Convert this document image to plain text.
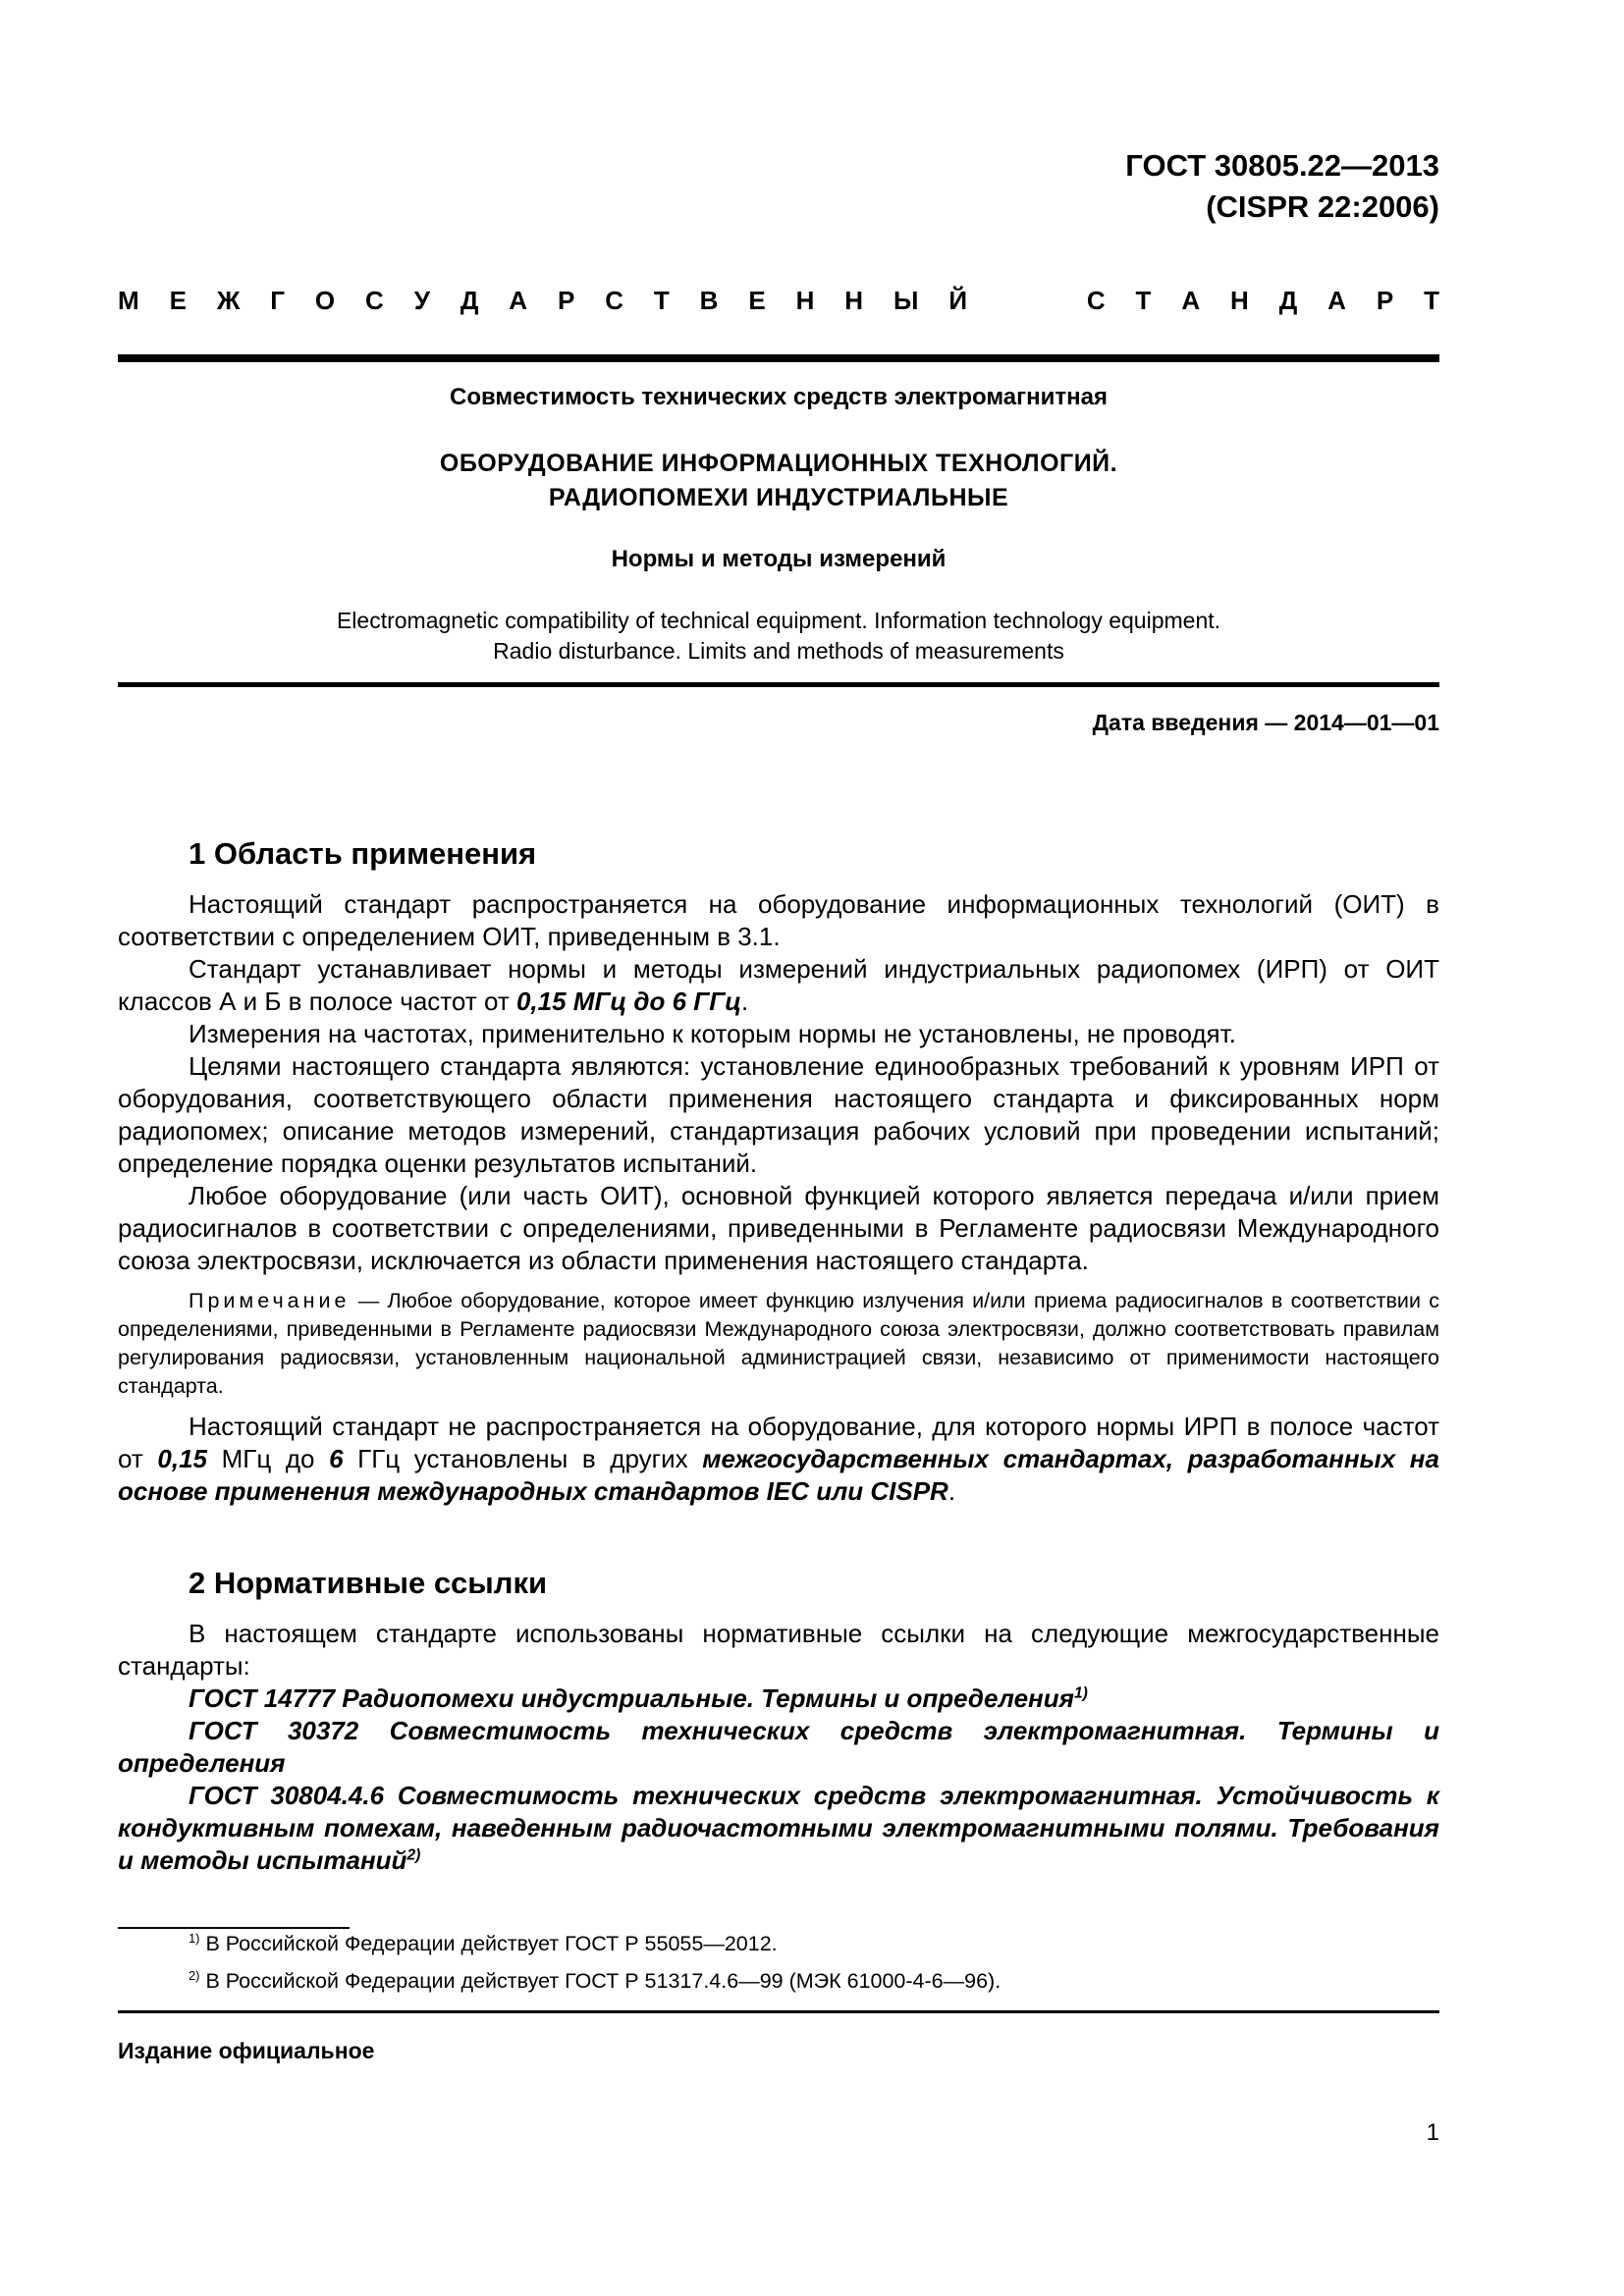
ГОСТ 30805.22—2013
(CISPR 22:2006)
М Е Ж Г О С У Д А Р С Т В Е Н Н Ы Й	С Т А Н Д А Р Т
Совместимость технических средств электромагнитная
ОБОРУДОВАНИЕ ИНФОРМАЦИОННЫХ ТЕХНОЛОГИЙ.
РАДИОПОМЕХИ ИНДУСТРИАЛЬНЫЕ
Нормы и методы измерений
Electromagnetic compatibility of technical equipment. Information technology equipment.
Radio disturbance. Limits and methods of measurements
Дата введения — 2014—01—01
1 Область применения

Настоящий стандарт распространяется на оборудование информационных технологий (ОИТ) в соответствии с определением ОИТ, приведенным в 3.1.

Стандарт устанавливает нормы и методы измерений индустриальных радиопомех (ИРП) от ОИТ классов А и Б в полосе частот от 0,15 МГц до 6 ГГц.

Измерения на частотах, применительно к которым нормы не установлены, не проводят.

Целями настоящего стандарта являются: установление единообразных требований к уровням ИРП от оборудования, соответствующего области применения настоящего стандарта и фиксированных норм радиопомех; описание методов измерений, стандартизация рабочих условий при проведении испытаний; определение порядка оценки результатов испытаний.

Любое оборудование (или часть ОИТ), основной функцией которого является передача и/или прием радиосигналов в соответствии с определениями, приведенными в Регламенте радиосвязи Международного союза электросвязи, исключается из области применения настоящего стандарта.

Примечание — Любое оборудование, которое имеет функцию излучения и/или приема радиосигналов в соответствии с определениями, приведенными в Регламенте радиосвязи Международного союза электросвязи, должно соответствовать правилам регулирования радиосвязи, установленным национальной администрацией связи, независимо от применимости настоящего стандарта.

Настоящий стандарт не распространяется на оборудование, для которого нормы ИРП в полосе частот от 0,15 МГц до 6 ГГц установлены в других межгосударственных стандартах, разработанных на основе применения международных стандартов IEC или CISPR.

2 Нормативные ссылки

В настоящем стандарте использованы нормативные ссылки на следующие межгосударственные стандарты:

ГОСТ 14777 Радиопомехи индустриальные. Термины и определения$^{1)}$

ГОСТ 30372 Совместимость технических средств электромагнитная. Термины и определения

ГОСТ 30804.4.6 Совместимость технических средств электромагнитная. Устойчивость к кондуктивным помехам, наведенным радиочастотными электромагнитными полями. Требования и методы испытаний$^{2)}$

$^{1)}$ В Российской Федерации действует ГОСТ Р 55055—2012.
$^{2)}$ В Российской Федерации действует ГОСТ Р 51317.4.6—99 (МЭК 61000-4-6—96).
Издание официальное
1
